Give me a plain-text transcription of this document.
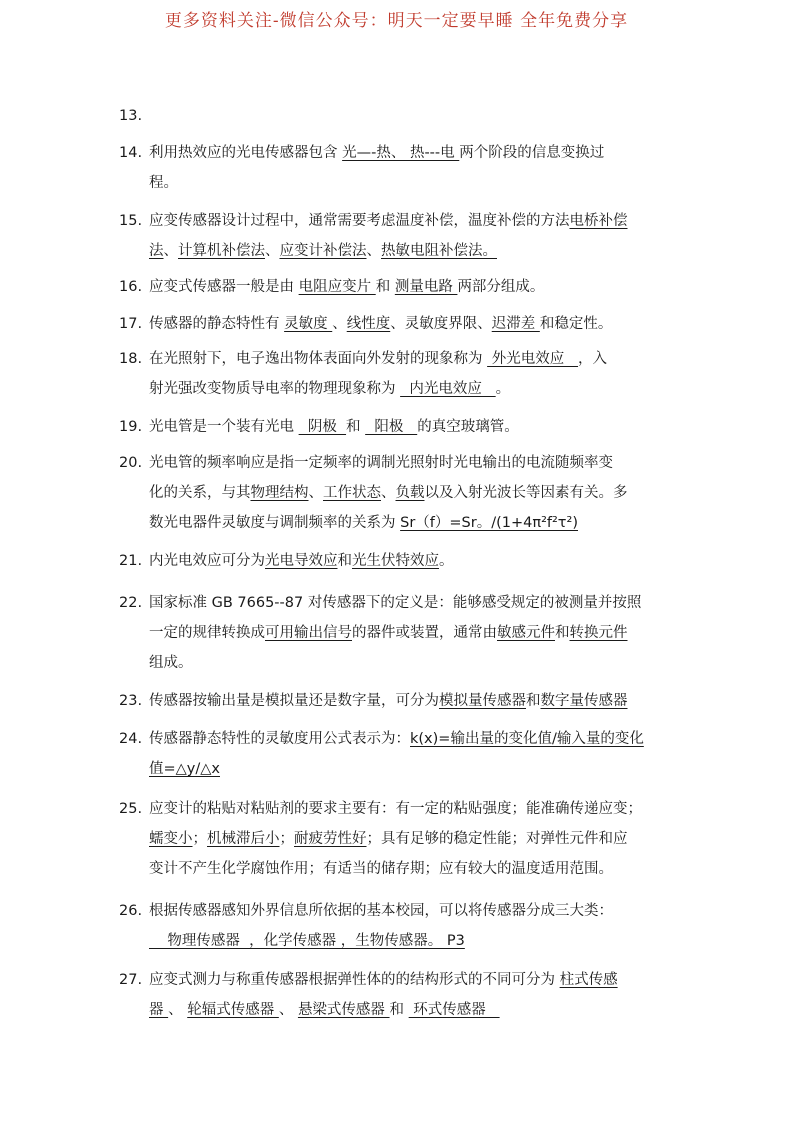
更多资料关注-微信公众号：明天一定要早睡 全年免费分享
13.
14. 利用热效应的光电传感器包含 光—-热、 热---电 两个阶段的信息变换过
程。
15. 应变传感器设计过程中，通常需要考虑温度补偿，温度补偿的方法电桥补偿
法、计算机补偿法、应变计补偿法、热敏电阻补偿法。
16. 应变式传感器一般是由 电阻应变片 和 测量电路 两部分组成。
17. 传感器的静态特性有 灵敏度 、线性度、灵敏度界限、迟滞差 和稳定性。
18. 在光照射下，电子逸出物体表面向外发射的现象称为  外光电效应   ，入
射光强改变物质导电率的物理现象称为   内光电效应   。
19. 光电管是一个装有光电   阴极  和   阳极   的真空玻璃管。
20. 光电管的频率响应是指一定频率的调制光照射时光电输出的电流随频率变
化的关系，与其物理结构、工作状态、负载以及入射光波长等因素有关。多
数光电器件灵敏度与调制频率的关系为 Sr（f）=Sr。/(1+4π²f²τ²)
21. 内光电效应可分为光电导效应和光生伏特效应。
22. 国家标准 GB 7665--87 对传感器下的定义是：能够感受规定的被测量并按照
一定的规律转换成可用输出信号的器件或装置，通常由敏感元件和转换元件
组成。
23. 传感器按输出量是模拟量还是数字量，可分为模拟量传感器和数字量传感器
24. 传感器静态特性的灵敏度用公式表示为：k(x)=输出量的变化值/输入量的变化
值=△y/△x
25. 应变计的粘贴对粘贴剂的要求主要有：有一定的粘贴强度；能准确传递应变；
蠕变小；机械滞后小；耐疲劳性好；具有足够的稳定性能；对弹性元件和应
变计不产生化学腐蚀作用；有适当的储存期；应有较大的温度适用范围。
26. 根据传感器感知外界信息所依据的基本校园，可以将传感器分成三大类：
物理传感器  ，化学传感器 ，生物传感器。 P3
27. 应变式测力与称重传感器根据弹性体的的结构形式的不同可分为 柱式传感
器 、 轮辐式传感器 、 悬梁式传感器 和  环式传感器
